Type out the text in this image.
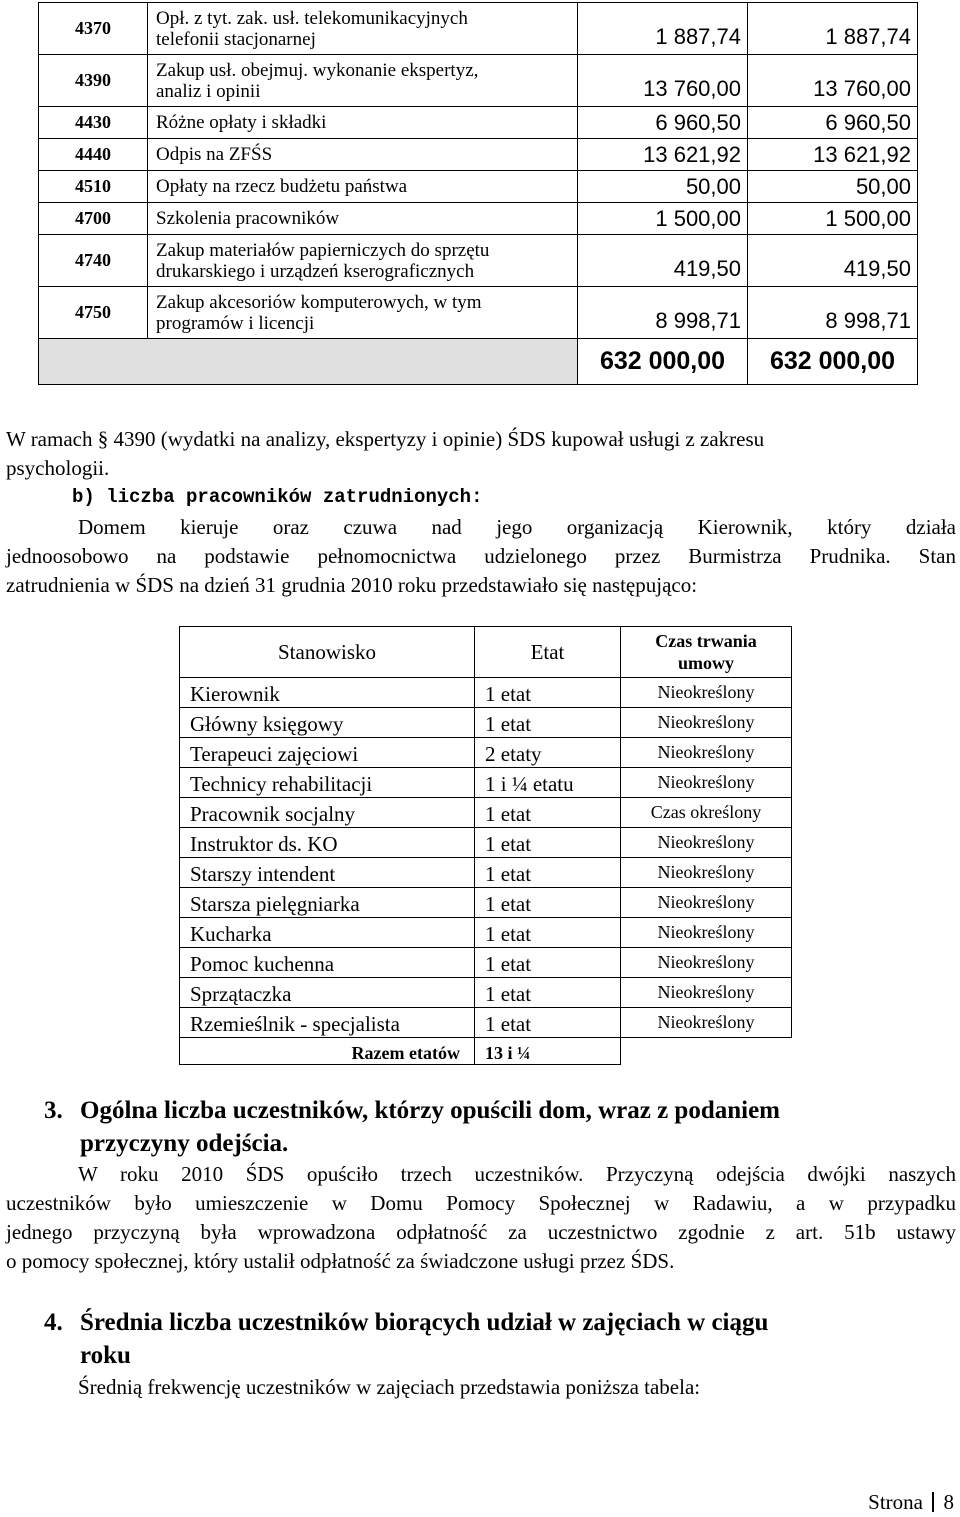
4370	Opł. z tyt. zak. usł. telekomunikacyjnych
telefonii stacjonarnej	1 887,74	1 887,74
4390	Zakup usł. obejmuj. wykonanie ekspertyz,
analiz i opinii	13 760,00	13 760,00
4430	Różne opłaty i składki	6 960,50	6 960,50
4440	Odpis na ZFŚS	13 621,92	13 621,92
4510	Opłaty na rzecz budżetu państwa	50,00	50,00
4700	Szkolenia pracowników	1 500,00	1 500,00
4740	Zakup materiałów papierniczych do sprzętu
drukarskiego i urządzeń kserograficznych	419,50	419,50
4750	Zakup akcesoriów komputerowych, w tym
programów i licencji	8 998,71	8 998,71
		632 000,00	632 000,00
W ramach § 4390 (wydatki na analizy, ekspertyzy i opinie) ŚDS kupował usługi z zakresu
psychologii.
b) liczba pracowników zatrudnionych:
Domem kieruje oraz czuwa nad jego organizacją Kierownik, który działa
jednoosobowo na podstawie pełnomocnictwa udzielonego przez Burmistrza Prudnika. Stan
zatrudnienia w ŚDS na dzień 31 grudnia 2010 roku przedstawiało się następująco:
Stanowisko	Etat	Czas trwania
umowy
Kierownik	1 etat	Nieokreślony
Główny księgowy	1 etat	Nieokreślony
Terapeuci zajęciowi	2 etaty	Nieokreślony
Technicy rehabilitacji	1 i ¼ etatu	Nieokreślony
Pracownik socjalny	1 etat	Czas określony
Instruktor ds. KO	1 etat	Nieokreślony
Starszy intendent	1 etat	Nieokreślony
Starsza pielęgniarka	1 etat	Nieokreślony
Kucharka	1 etat	Nieokreślony
Pomoc kuchenna	1 etat	Nieokreślony
Sprzątaczka	1 etat	Nieokreślony
Rzemieślnik - specjalista	1 etat	Nieokreślony
Razem etatów	13 i ¼	
3. Ogólna liczba uczestników, którzy opuścili dom, wraz z podaniem
przyczyny odejścia.
W roku 2010 ŚDS opuściło trzech uczestników. Przyczyną odejścia dwójki naszych
uczestników było umieszczenie w Domu Pomocy Społecznej w Radawiu, a w przypadku
jednego przyczyną była wprowadzona odpłatność za uczestnictwo zgodnie z art. 51b ustawy
o pomocy społecznej, który ustalił odpłatność za świadczone usługi przez ŚDS.
4. Średnia liczba uczestników biorących udział w zajęciach w ciągu
roku
Średnią frekwencję uczestników w zajęciach przedstawia poniższa tabela:
Strona 8
